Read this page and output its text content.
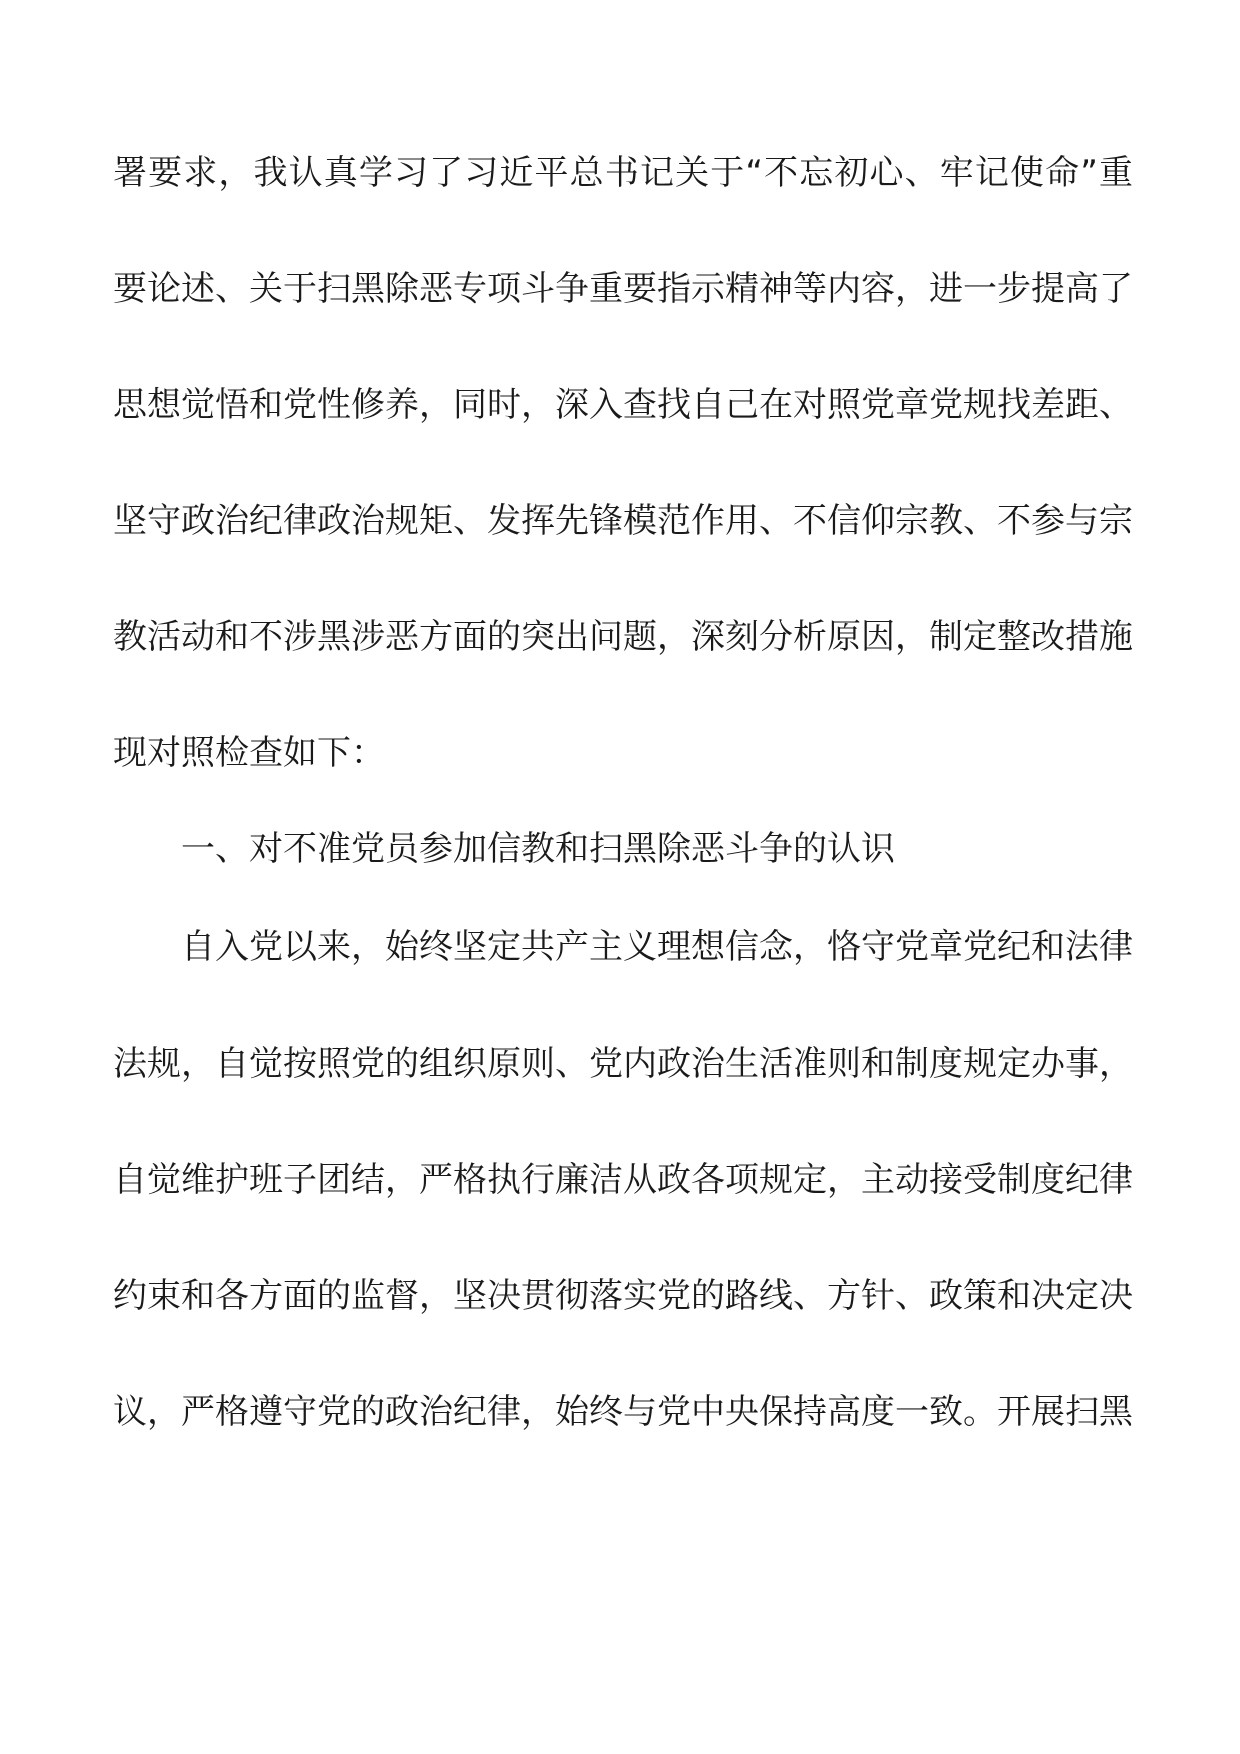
署要求，我认真学习了习近平总书记关于“不忘初心、牢记使命”重
要论述、关于扫黑除恶专项斗争重要指示精神等内容，进一步提高了
思想觉悟和党性修养，同时，深入查找自己在对照党章党规找差距、
坚守政治纪律政治规矩、发挥先锋模范作用、不信仰宗教、不参与宗
教活动和不涉黑涉恶方面的突出问题，深刻分析原因，制定整改措施
现对照检查如下：
一、对不准党员参加信教和扫黑除恶斗争的认识
自入党以来，始终坚定共产主义理想信念，恪守党章党纪和法律
法规，自觉按照党的组织原则、党内政治生活准则和制度规定办事，
自觉维护班子团结，严格执行廉洁从政各项规定，主动接受制度纪律
约束和各方面的监督，坚决贯彻落实党的路线、方针、政策和决定决
议，严格遵守党的政治纪律，始终与党中央保持高度一致。开展扫黑
